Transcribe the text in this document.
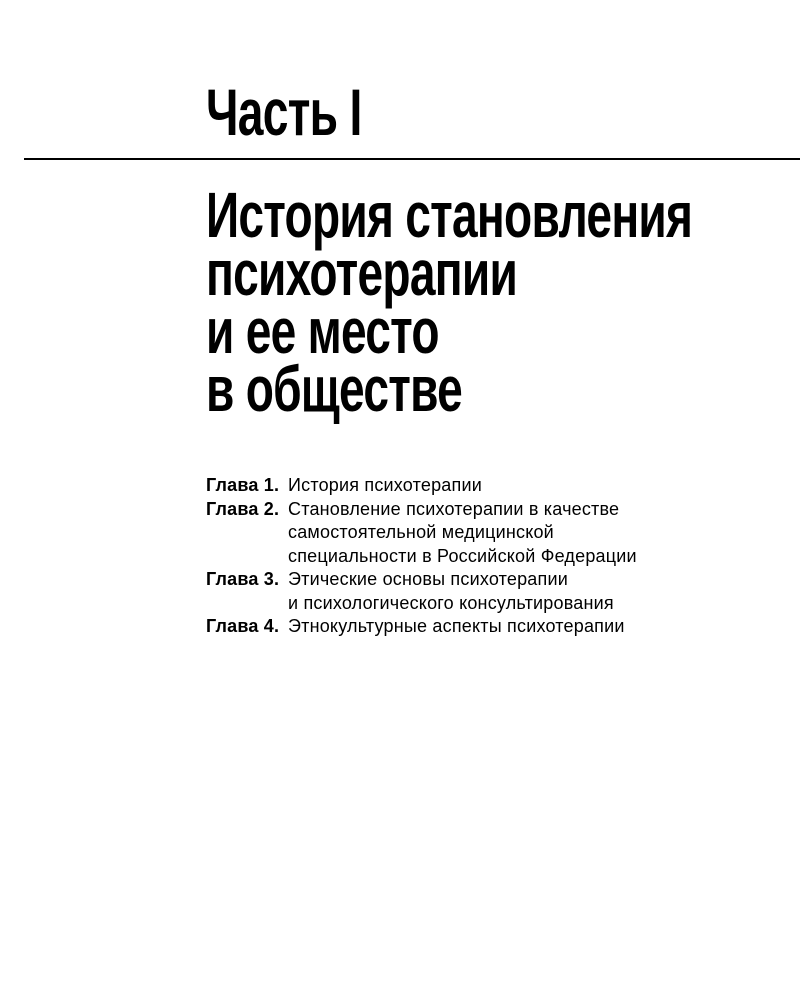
Часть I
История становления
психотерапии
и ее место
в обществе
Глава 1. История психотерапии
Глава 2. Становление психотерапии в качестве
самостоятельной медицинской
специальности в Российской Федерации
Глава 3. Этические основы психотерапии
и психологического консультирования
Глава 4. Этнокультурные аспекты психотерапии
